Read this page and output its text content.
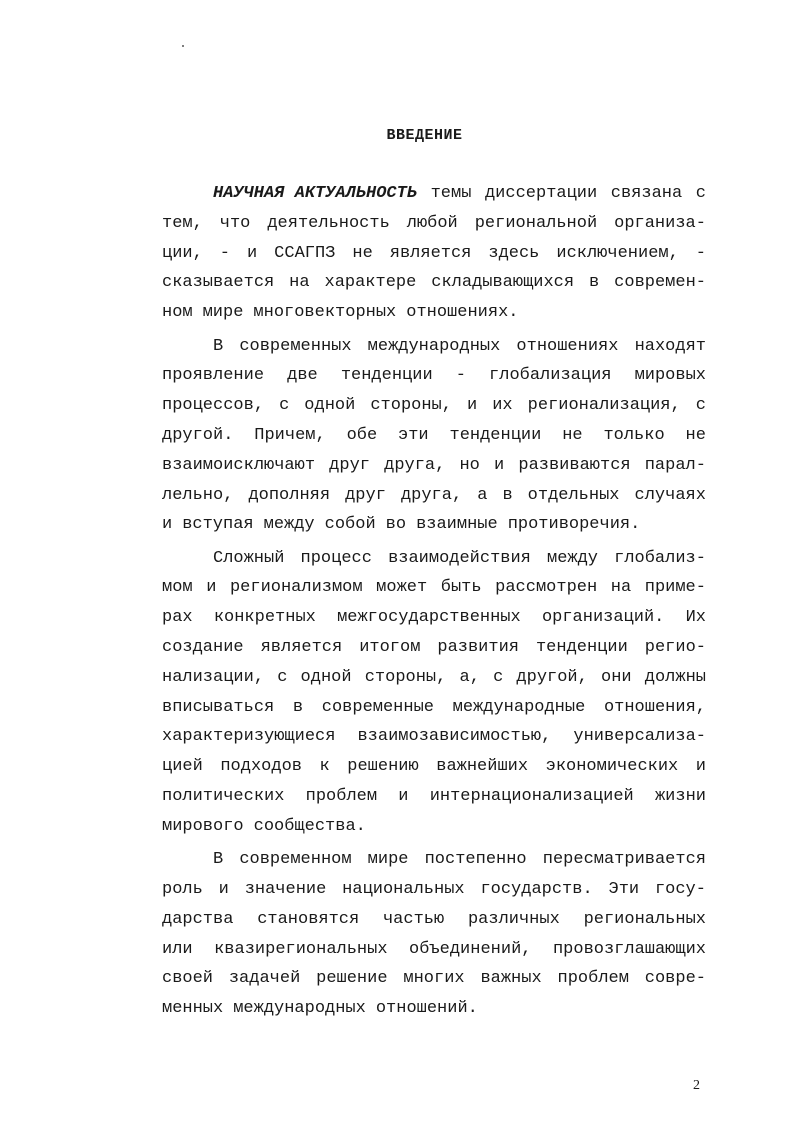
ВВЕДЕНИЕ
НАУЧНАЯ АКТУАЛЬНОСТЬ темы диссертации связана с
тем, что деятельность любой региональной организа-
ции, - и ССАГПЗ не является здесь исключением, -
сказывается на характере складывающихся в современ-
ном мире многовекторных отношениях.
В современных международных отношениях находят
проявление две тенденции - глобализация мировых
процессов, с одной стороны, и их регионализация, с
другой. Причем, обе эти тенденции не только не
взаимоисключают друг друга, но и развиваются парал-
лельно, дополняя друг друга, а в отдельных случаях
и вступая между собой во взаимные противоречия.
Сложный процесс взаимодействия между глобализ-
мом и регионализмом может быть рассмотрен на приме-
рах конкретных межгосударственных организаций. Их
создание является итогом развития тенденции регио-
нализации, с одной стороны, а, с другой, они должны
вписываться в современные международные отношения,
характеризующиеся взаимозависимостью, универсализа-
цией подходов к решению важнейших экономических и
политических проблем и интернационализацией жизни
мирового сообщества.
В современном мире постепенно пересматривается
роль и значение национальных государств. Эти госу-
дарства становятся частью различных региональных
или квазирегиональных объединений, провозглашающих
своей задачей решение многих важных проблем совре-
менных международных отношений.
2
